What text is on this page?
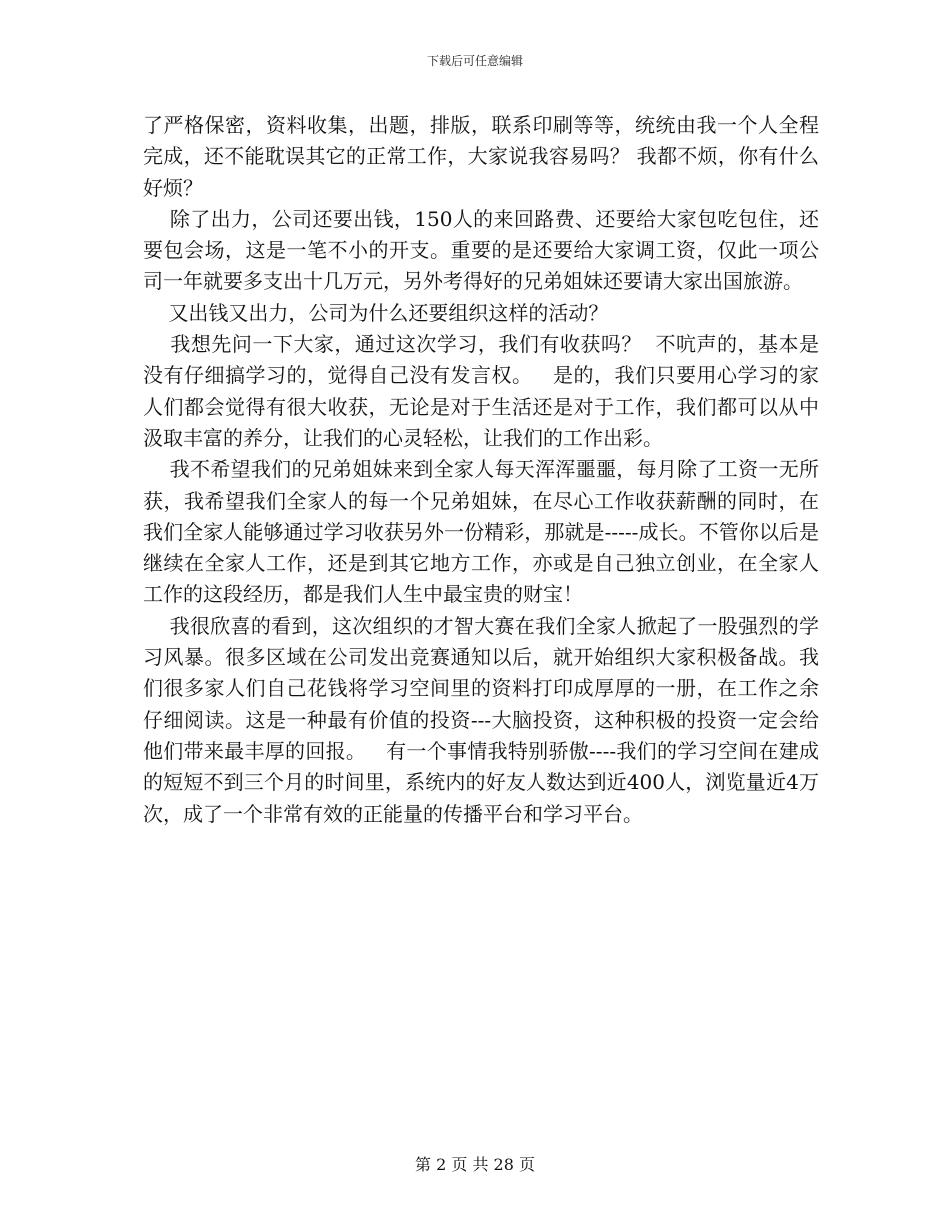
下载后可任意编辑

了严格保密，资料收集，出题，排版，联系印刷等等，统统由我一个人全程完成，还不能耽误其它的正常工作，大家说我容易吗？ 我都不烦，你有什么好烦？

除了出力，公司还要出钱，150人的来回路费、还要给大家包吃包住，还要包会场，这是一笔不小的开支。重要的是还要给大家调工资，仅此一项公司一年就要多支出十几万元，另外考得好的兄弟姐妹还要请大家出国旅游。

又出钱又出力，公司为什么还要组织这样的活动？

我想先问一下大家，通过这次学习，我们有收获吗？  不吭声的，基本是没有仔细搞学习的，觉得自己没有发言权。   是的，我们只要用心学习的家人们都会觉得有很大收获，无论是对于生活还是对于工作，我们都可以从中汲取丰富的养分，让我们的心灵轻松，让我们的工作出彩。

我不希望我们的兄弟姐妹来到全家人每天浑浑噩噩，每月除了工资一无所获，我希望我们全家人的每一个兄弟姐妹，在尽心工作收获薪酬的同时，在我们全家人能够通过学习收获另外一份精彩，那就是-----成长。不管你以后是继续在全家人工作，还是到其它地方工作，亦或是自己独立创业，在全家人工作的这段经历，都是我们人生中最宝贵的财宝！

我很欣喜的看到，这次组织的才智大赛在我们全家人掀起了一股强烈的学习风暴。很多区域在公司发出竞赛通知以后，就开始组织大家积极备战。我们很多家人们自己花钱将学习空间里的资料打印成厚厚的一册，在工作之余仔细阅读。这是一种最有价值的投资---大脑投资，这种积极的投资一定会给他们带来最丰厚的回报。   有一个事情我特别骄傲----我们的学习空间在建成的短短不到三个月的时间里，系统内的好友人数达到近400人，浏览量近4万次，成了一个非常有效的正能量的传播平台和学习平台。

第 2 页 共 28 页
